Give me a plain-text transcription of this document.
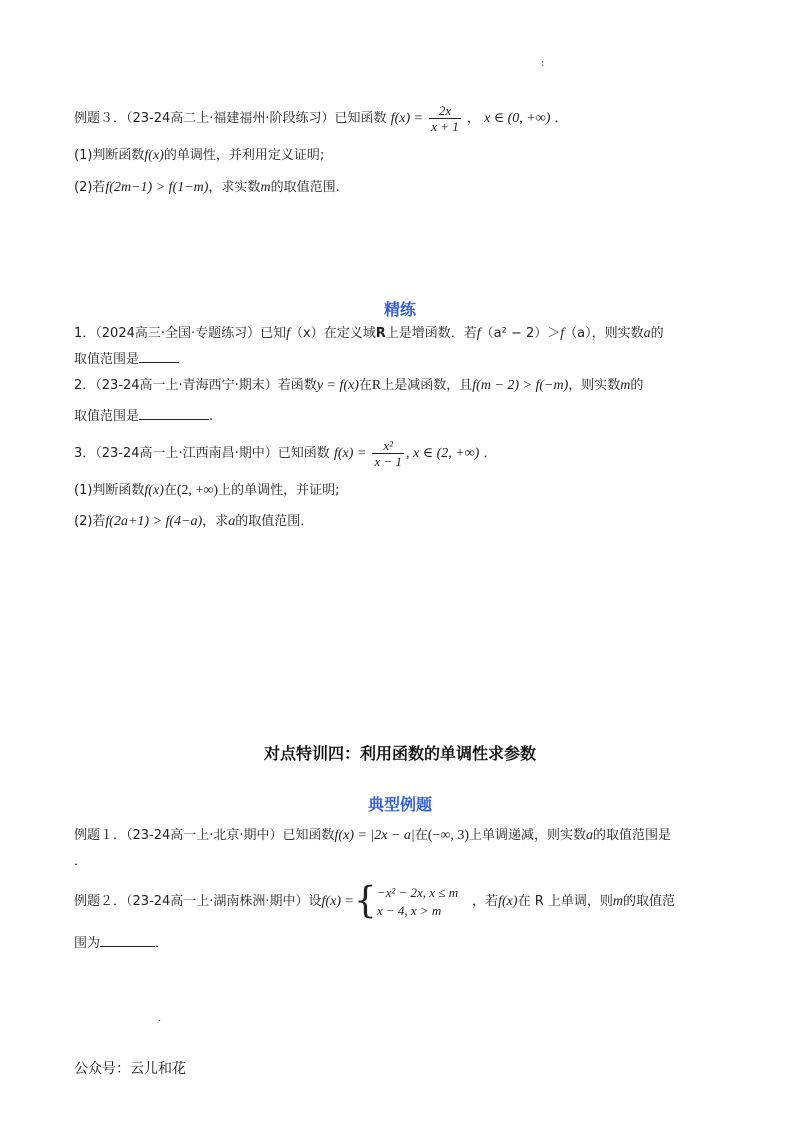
:
例题３．（23-24高二上·福建福州·阶段练习）已知函数 $f(x) = \frac{2x}{x + 1}$ ， x ∈ (0, +∞) ．
(1)判断函数f(x)的单调性，并利用定义证明;
(2)若f(2m−1) > f(1−m)，求实数m的取值范围．
精练
1．（2024高三·全国·专题练习）已知f（x）在定义域R上是增函数．若f（a² − 2）＞f（a），则实数a的
取值范围是
2．（23-24高一上·青海西宁·期末）若函数y = f(x)在R上是减函数，且f(m − 2) > f(−m)，则实数m的
取值范围是	.
3．（23-24高一上·江西南昌·期中）已知函数 $f(x) = \frac{\text{x²}}{x - 1}$ , x ∈ (2, +∞) ．
(1)判断函数f(x)在(2, +∞)上的单调性，并证明;
(2)若f(2a+1) > f(4−a)，求a的取值范围．
对点特训四：利用函数的单调性求参数
典型例题
例题１．（23-24高一上·北京·期中）已知函数f(x) = |2x − a|在(−∞, 3)上单调递减，则实数a的取值范围是
．
例题２．（23-24高一上·湖南株洲·期中）设f(x) ={ −x² − 2x, x ≤ m
x − 4, x > m
，若f(x)在 R 上单调，则m的取值范
围为	．
·
公众号：云儿和花
